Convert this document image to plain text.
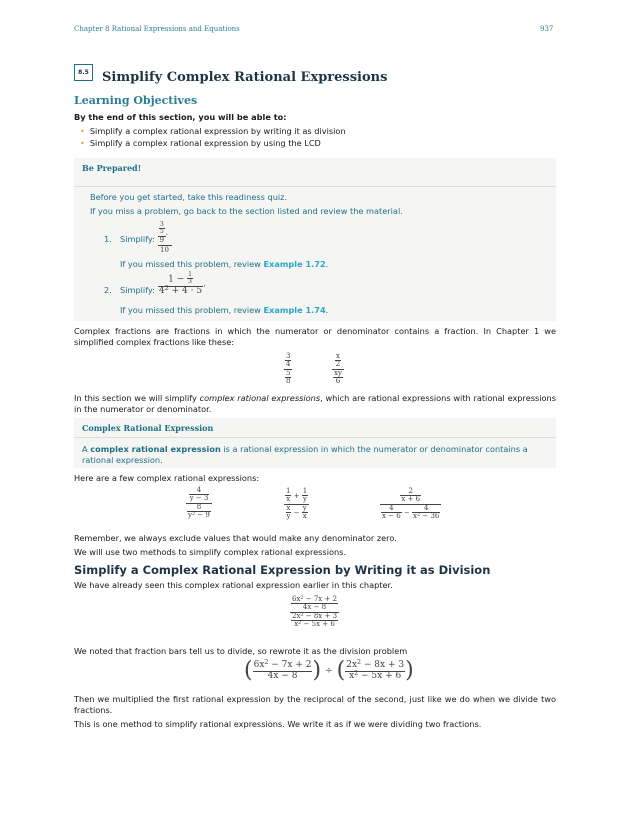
Chapter 8 Rational Expressions and Equations	937
8.5	Simplify Complex Rational Expressions
Learning Objectives
By the end of this section, you will be able to:
• Simplify a complex rational expression by writing it as division
• Simplify a complex rational expression by using the LCD
Be Prepared!
Before you get started, take this readiness quiz.
If you miss a problem, go back to the section listed and review the material.
1. Simplify: $\frac{\frac{3}{5}}{9}$ .
10
If you missed this problem, review Example 1.72.
2. Simplify: $\frac{1 - \frac{1}{3}}{4^2 + 4 \cdot 5}$ .
If you missed this problem, review Example 1.74.
Complex fractions are fractions in which the numerator or denominator contains a fraction. In Chapter 1 we simplified complex fractions like these:
$\frac{\frac{3}{4}}{\frac{5}{8}}$	$\frac{\frac{x}{2}}{\frac{xy}{6}}$
In this section we will simplify complex rational expressions, which are rational expressions with rational expressions in the numerator or denominator.
Complex Rational Expression
A complex rational expression is a rational expression in which the numerator or denominator contains a rational expression.
Here are a few complex rational expressions:
$\frac{\frac{4}{y - 3}}{\frac{8}{y^2 - 9}}$	$\frac{\frac{1}{x} + \frac{1}{y}}{\frac{x}{y} - \frac{y}{x}}$	$\frac{\frac{2}{x + 6}}{\frac{4}{x - 6} - \frac{4}{x^2 - 36}}$
Remember, we always exclude values that would make any denominator zero.
We will use two methods to simplify complex rational expressions.
Simplify a Complex Rational Expression by Writing it as Division
We have already seen this complex rational expression earlier in this chapter.
$\frac{\frac{6x^2 - 7x + 2}{4x - 8}}{\frac{2x^2 - 8x + 3}{x^2 - 5x + 6}}$
We noted that fraction bars tell us to divide, so rewrote it as the division problem
( $6x^2 - 7x + 2$
4x − 8 ) ÷ ( $2x^2 - 8x + 3$
$x^2 - 5x + 6$ )
Then we multiplied the first rational expression by the reciprocal of the second, just like we do when we divide two fractions.
This is one method to simplify rational expressions. We write it as if we were dividing two fractions.
